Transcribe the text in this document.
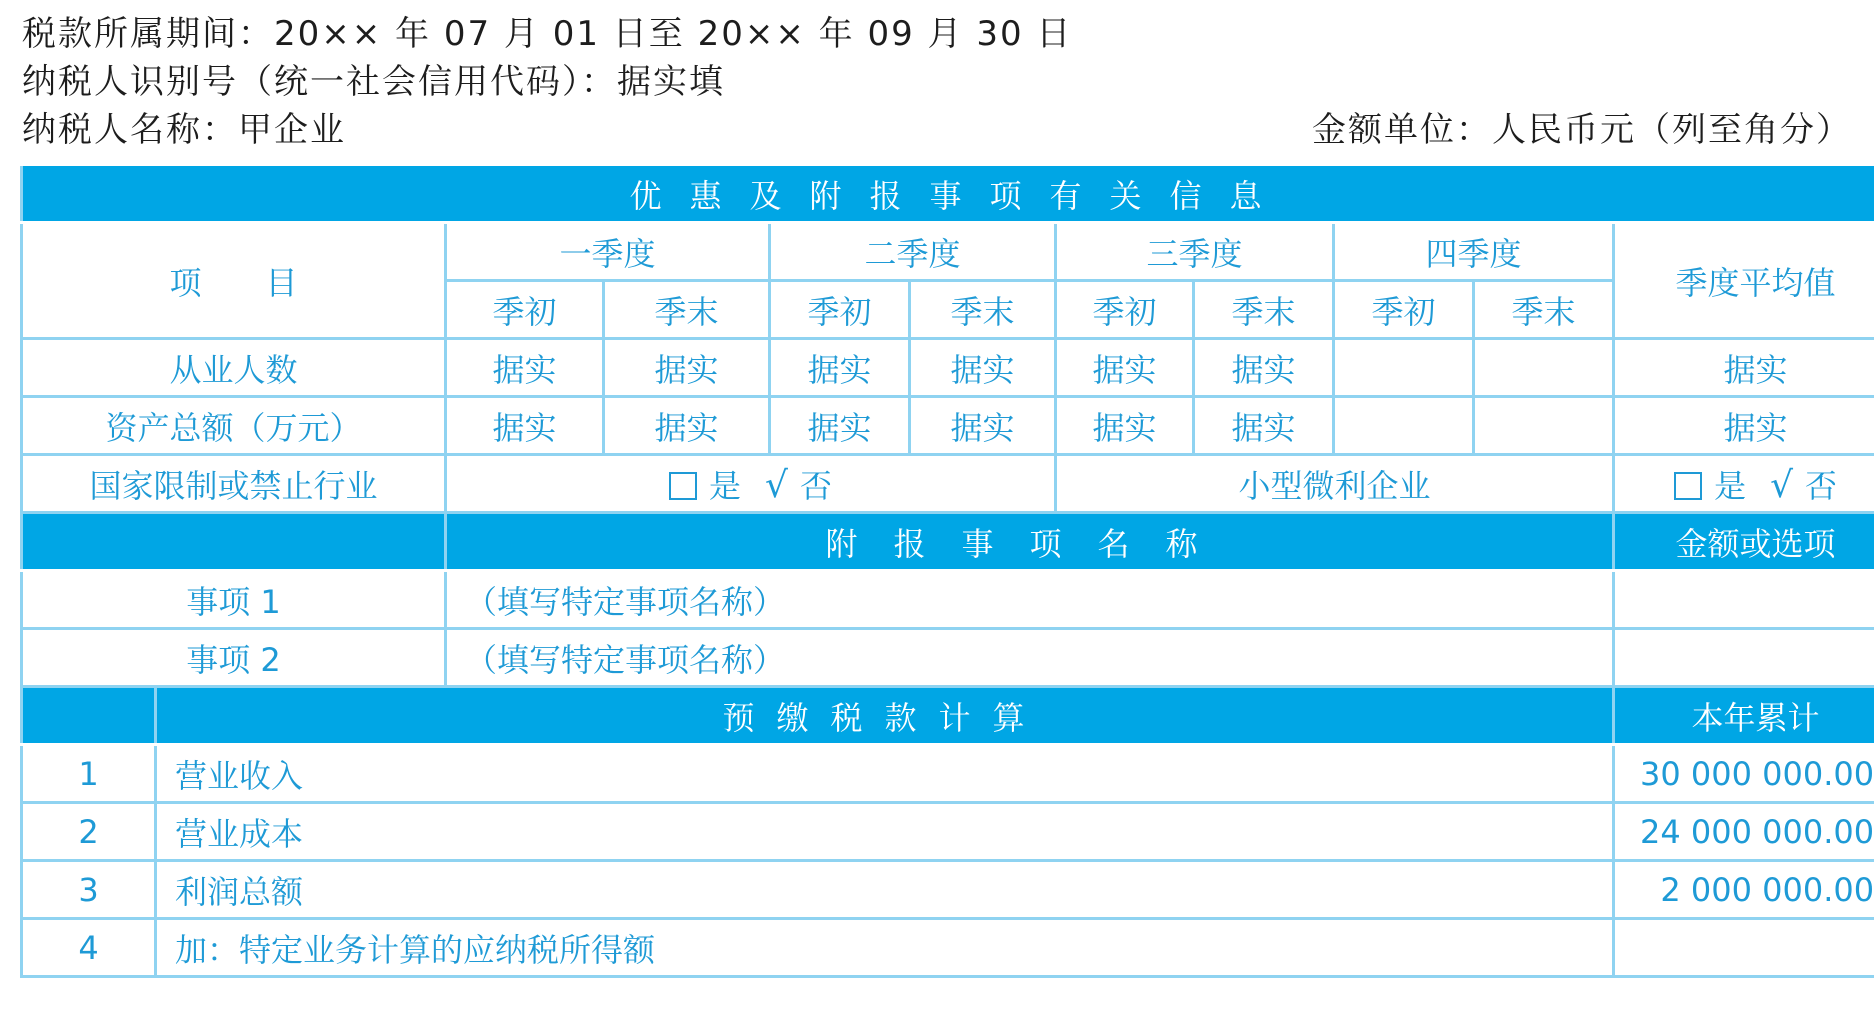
税款所属期间：20×× 年 07 月 01 日至 20×× 年 09 月 30 日
纳税人识别号（统一社会信用代码）：据实填
纳税人名称：甲企业	金额单位：人民币元（列至角分）
优惠及附报事项有关信息										
项　　目		一季度		二季度		三季度		四季度		季度平均值
		季初	季末	季初	季末	季初	季末	季初	季末	
从业人数		据实	据实	据实	据实	据实	据实			据实
资产总额（万元）		据实	据实	据实	据实	据实	据实			据实
国家限制或禁止行业		是 √ 否				小型微利企业				是 √ 否
		附报事项名称								金额或选项
事项 1		（填写特定事项名称）								
事项 2		（填写特定事项名称）								
	预缴税款计算									本年累计
1	营业收入									30 000 000.00
2	营业成本									24 000 000.00
3	利润总额									2 000 000.00
4	加：特定业务计算的应纳税所得额									
